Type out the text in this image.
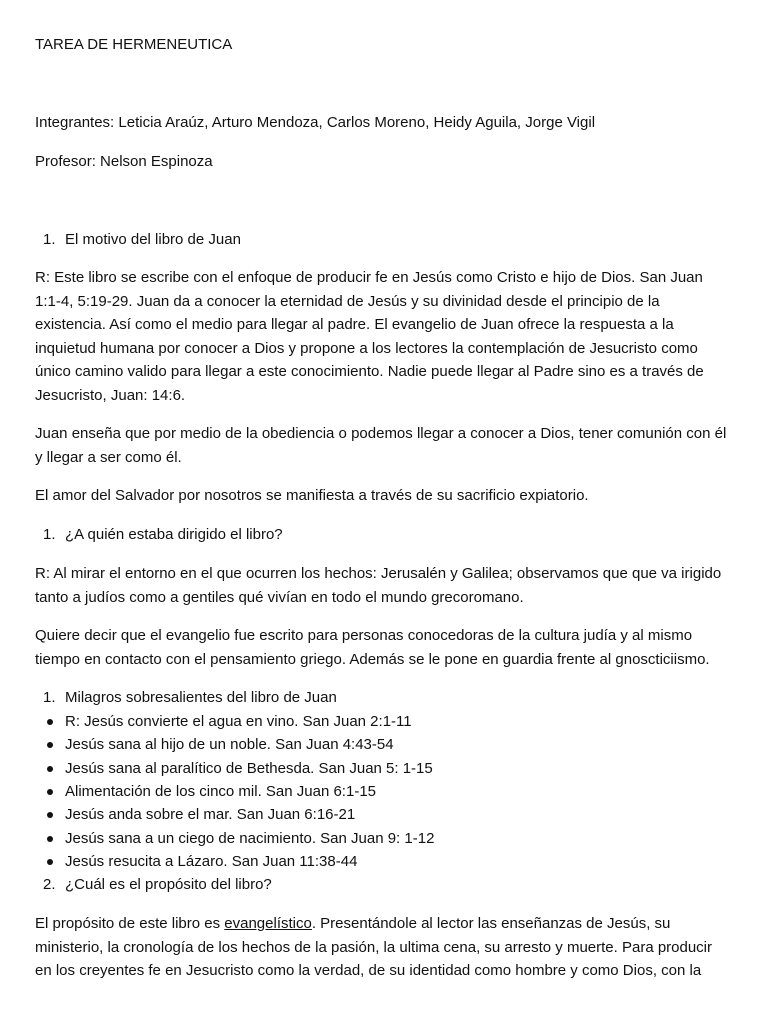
TAREA DE HERMENEUTICA
Integrantes: Leticia Araúz, Arturo Mendoza, Carlos Moreno, Heidy Aguila, Jorge Vigil
Profesor: Nelson Espinoza
1. El motivo del libro de Juan
R: Este libro se escribe con el enfoque de producir fe en Jesús como Cristo e hijo de Dios. San Juan
1:1-4, 5:19-29. Juan da a conocer la eternidad de Jesús y su divinidad desde el principio de la
existencia. Así como el medio para llegar al padre. El evangelio de Juan ofrece la respuesta a la
inquietud humana por conocer a Dios y propone a los lectores la contemplación de Jesucristo como
único camino valido para llegar a este conocimiento. Nadie puede llegar al Padre sino es a través de
Jesucristo, Juan: 14:6.
Juan enseña que por medio de la obediencia o podemos llegar a conocer a Dios, tener comunión con él
y llegar a ser como él.
El amor del Salvador por nosotros se manifiesta a través de su sacrificio expiatorio.
1. ¿A quién estaba dirigido el libro?
R: Al mirar el entorno en el que ocurren los hechos: Jerusalén y Galilea; observamos que que va irigido
tanto a judíos como a gentiles qué vivían en todo el mundo grecoromano.
Quiere decir que el evangelio fue escrito para personas conocedoras de la cultura judía y al mismo
tiempo en contacto con el pensamiento griego. Además se le pone en guardia frente al gnoscticiismo.
1. Milagros sobresalientes del libro de Juan
R: Jesús convierte el agua en vino. San Juan 2:1-11
Jesús sana al hijo de un noble. San Juan 4:43-54
Jesús sana al paralítico de Bethesda. San Juan 5: 1-15
Alimentación de los cinco mil. San Juan 6:1-15
Jesús anda sobre el mar. San Juan 6:16-21
Jesús sana a un ciego de nacimiento. San Juan 9: 1-12
Jesús resucita a Lázaro. San Juan 11:38-44
2. ¿Cuál es el propósito del libro?
El propósito de este libro es evangelístico. Presentándole al lector las enseñanzas de Jesús, su
ministerio, la cronología de los hechos de la pasión, la ultima cena, su arresto y muerte. Para producir
en los creyentes fe en Jesucristo como la verdad, de su identidad como hombre y como Dios, con la
